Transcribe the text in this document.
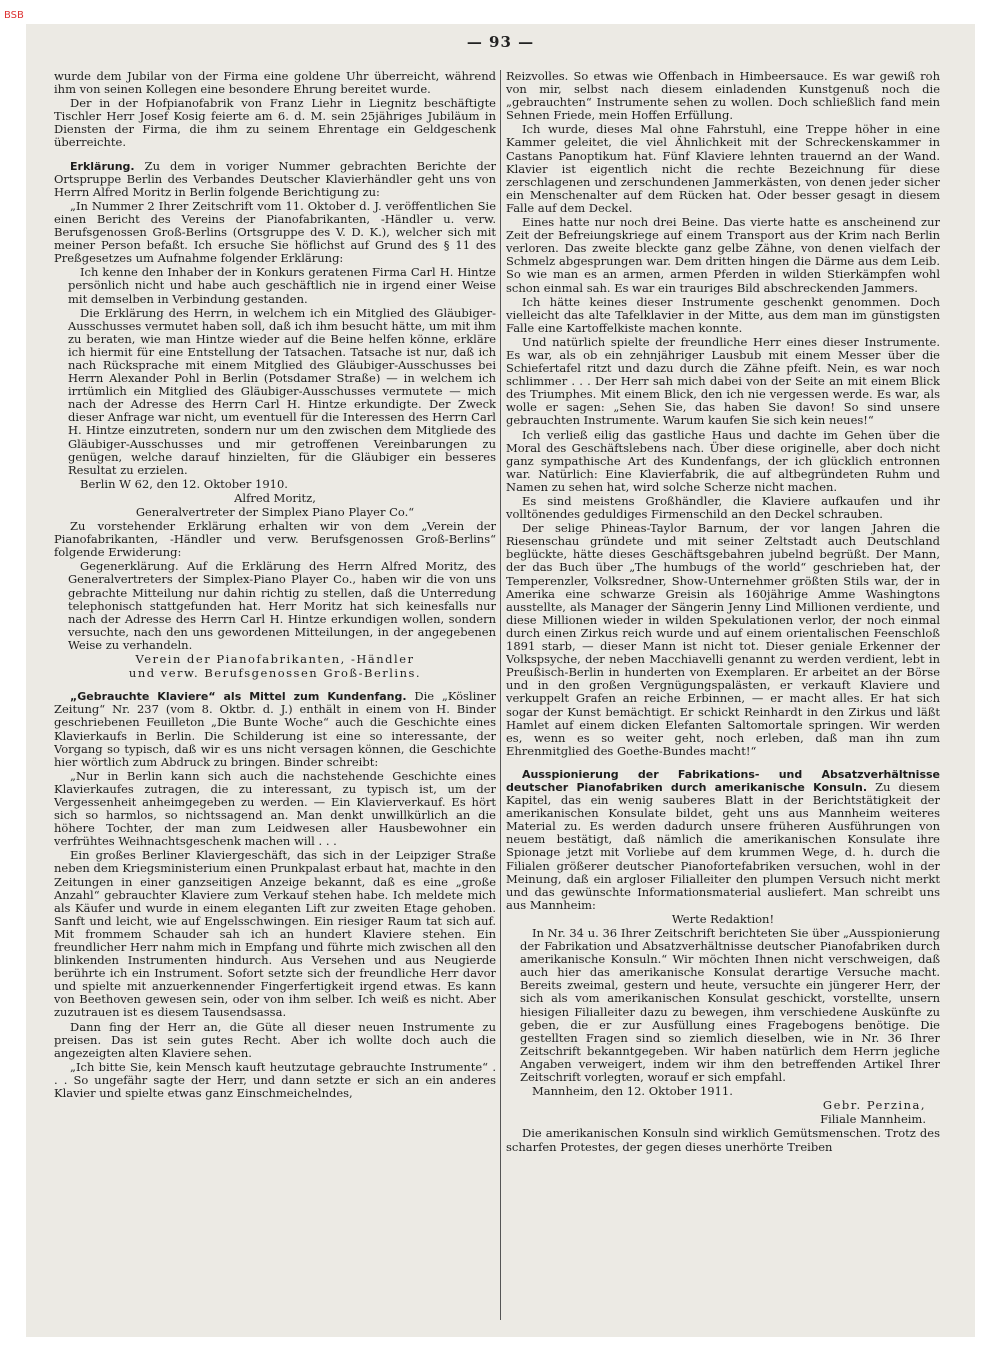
BSB
— 93 —

wurde dem Jubilar von der Firma eine goldene Uhr überreicht, während ihm von seinen Kollegen eine besondere Ehrung bereitet wurde.

Der in der Hofpianofabrik von Franz Liehr in Liegnitz beschäftigte Tischler Herr Josef Kosig feierte am 6. d. M. sein 25jähriges Jubiläum in Diensten der Firma, die ihm zu seinem Ehrentage ein Geldgeschenk überreichte.

Erklärung. Zu dem in voriger Nummer gebrachten Berichte der Ortspruppe Berlin des Verbandes Deutscher Klavierhändler geht uns von Herrn Alfred Moritz in Berlin folgende Berichtigung zu:

„In Nummer 2 Ihrer Zeitschrift vom 11. Oktober d. J. veröffentlichen Sie einen Bericht des Vereins der Pianofabrikanten, -Händler u. verw. Berufsgenossen Groß-Berlins (Ortsgruppe des V. D. K.), welcher sich mit meiner Person befaßt. Ich ersuche Sie höflichst auf Grund des § 11 des Preßgesetzes um Aufnahme folgender Erklärung:

Ich kenne den Inhaber der in Konkurs geratenen Firma Carl H. Hintze persönlich nicht und habe auch geschäftlich nie in irgend einer Weise mit demselben in Verbindung gestanden.

Die Erklärung des Herrn, in welchem ich ein Mitglied des Gläubiger-Ausschusses vermutet haben soll, daß ich ihm besucht hätte, um mit ihm zu beraten, wie man Hintze wieder auf die Beine helfen könne, erkläre ich hiermit für eine Entstellung der Tatsachen. Tatsache ist nur, daß ich nach Rücksprache mit einem Mitglied des Gläubiger-Ausschusses bei Herrn Alexander Pohl in Berlin (Potsdamer Straße) — in welchem ich irrtümlich ein Mitglied des Gläubiger-Ausschusses vermutete — mich nach der Adresse des Herrn Carl H. Hintze erkundigte. Der Zweck dieser Anfrage war nicht, um eventuell für die Interessen des Herrn Carl H. Hintze einzutreten, sondern nur um den zwischen dem Mitgliede des Gläubiger-Ausschusses und mir getroffenen Vereinbarungen zu genügen, welche darauf hinzielten, für die Gläubiger ein besseres Resultat zu erzielen.

Berlin W 62, den 12. Oktober 1910.

Alfred Moritz,

Generalvertreter der Simplex Piano Player Co.“

Zu vorstehender Erklärung erhalten wir von dem „Verein der Pianofabrikanten, -Händler und verw. Berufsgenossen Groß-Berlins“ folgende Erwiderung:

Gegenerklärung. Auf die Erklärung des Herrn Alfred Moritz, des Generalvertreters der Simplex-Piano Player Co., haben wir die von uns gebrachte Mitteilung nur dahin richtig zu stellen, daß die Unterredung telephonisch stattgefunden hat. Herr Moritz hat sich keinesfalls nur nach der Adresse des Herrn Carl H. Hintze erkundigen wollen, sondern versuchte, nach den uns gewordenen Mitteilungen, in der angegebenen Weise zu verhandeln.

Verein der Pianofabrikanten, -Händler

und verw. Berufsgenossen Groß-Berlins.

„Gebrauchte Klaviere“ als Mittel zum Kundenfang. Die „Kösliner Zeitung“ Nr. 237 (vom 8. Oktbr. d. J.) enthält in einem von H. Binder geschriebenen Feuilleton „Die Bunte Woche“ auch die Geschichte eines Klavierkaufs in Berlin. Die Schilderung ist eine so interessante, der Vorgang so typisch, daß wir es uns nicht versagen können, die Geschichte hier wörtlich zum Abdruck zu bringen. Binder schreibt:

„Nur in Berlin kann sich auch die nachstehende Geschichte eines Klavierkaufes zutragen, die zu interessant, zu typisch ist, um der Vergessenheit anheimgegeben zu werden. — Ein Klavierverkauf. Es hört sich so harmlos, so nichtssagend an. Man denkt unwillkürlich an die höhere Tochter, der man zum Leidwesen aller Hausbewohner ein verfrühtes Weihnachtsgeschenk machen will . . .

Ein großes Berliner Klaviergeschäft, das sich in der Leipziger Straße neben dem Kriegsministerium einen Prunkpalast erbaut hat, machte in den Zeitungen in einer ganzseitigen Anzeige bekannt, daß es eine „große Anzahl“ gebrauchter Klaviere zum Verkauf stehen habe. Ich meldete mich als Käufer und wurde in einem eleganten Lift zur zweiten Etage gehoben. Sanft und leicht, wie auf Engelsschwingen. Ein riesiger Raum tat sich auf. Mit frommem Schauder sah ich an hundert Klaviere stehen. Ein freundlicher Herr nahm mich in Empfang und führte mich zwischen all den blinkenden Instrumenten hindurch. Aus Versehen und aus Neugierde berührte ich ein Instrument. Sofort setzte sich der freundliche Herr davor und spielte mit anzuerkennender Fingerfertigkeit irgend etwas. Es kann von Beethoven gewesen sein, oder von ihm selber. Ich weiß es nicht. Aber zuzutrauen ist es diesem Tausendsassa.

Dann fing der Herr an, die Güte all dieser neuen Instrumente zu preisen. Das ist sein gutes Recht. Aber ich wollte doch auch die angezeigten alten Klaviere sehen.

„Ich bitte Sie, kein Mensch kauft heutzutage gebrauchte Instrumente“ . . . So ungefähr sagte der Herr, und dann setzte er sich an ein anderes Klavier und spielte etwas ganz Einschmeichelndes,

Reizvolles. So etwas wie Offenbach in Himbeersauce. Es war gewiß roh von mir, selbst nach diesem einladenden Kunstgenuß noch die „gebrauchten“ Instrumente sehen zu wollen. Doch schließlich fand mein Sehnen Friede, mein Hoffen Erfüllung.

Ich wurde, dieses Mal ohne Fahrstuhl, eine Treppe höher in eine Kammer geleitet, die viel Ähnlichkeit mit der Schreckenskammer in Castans Panoptikum hat. Fünf Klaviere lehnten trauernd an der Wand. Klavier ist eigentlich nicht die rechte Bezeichnung für diese zerschlagenen und zerschundenen Jammerkästen, von denen jeder sicher ein Menschenalter auf dem Rücken hat. Oder besser gesagt in diesem Falle auf dem Deckel.

Eines hatte nur noch drei Beine. Das vierte hatte es anscheinend zur Zeit der Befreiungskriege auf einem Transport aus der Krim nach Berlin verloren. Das zweite bleckte ganz gelbe Zähne, von denen vielfach der Schmelz abgesprungen war. Dem dritten hingen die Därme aus dem Leib. So wie man es an armen, armen Pferden in wilden Stierkämpfen wohl schon einmal sah. Es war ein trauriges Bild abschreckenden Jammers.

Ich hätte keines dieser Instrumente geschenkt genommen. Doch vielleicht das alte Tafelklavier in der Mitte, aus dem man im günstigsten Falle eine Kartoffelkiste machen konnte.

Und natürlich spielte der freundliche Herr eines dieser Instrumente. Es war, als ob ein zehnjähriger Lausbub mit einem Messer über die Schiefertafel ritzt und dazu durch die Zähne pfeift. Nein, es war noch schlimmer . . . Der Herr sah mich dabei von der Seite an mit einem Blick des Triumphes. Mit einem Blick, den ich nie vergessen werde. Es war, als wolle er sagen: „Sehen Sie, das haben Sie davon! So sind unsere gebrauchten Instrumente. Warum kaufen Sie sich kein neues!“

Ich verließ eilig das gastliche Haus und dachte im Gehen über die Moral des Geschäftslebens nach. Über diese originelle, aber doch nicht ganz sympathische Art des Kundenfangs, der ich glücklich entronnen war. Natürlich: Eine Klavierfabrik, die auf altbegründeten Ruhm und Namen zu sehen hat, wird solche Scherze nicht machen.

Es sind meistens Großhändler, die Klaviere aufkaufen und ihr volltönendes geduldiges Firmenschild an den Deckel schrauben.

Der selige Phineas-Taylor Barnum, der vor langen Jahren die Riesenschau gründete und mit seiner Zeltstadt auch Deutschland beglückte, hätte dieses Geschäftsgebahren jubelnd begrüßt. Der Mann, der das Buch über „The humbugs of the world“ geschrieben hat, der Temperenzler, Volksredner, Show-Unternehmer größten Stils war, der in Amerika eine schwarze Greisin als 160jährige Amme Washingtons ausstellte, als Manager der Sängerin Jenny Lind Millionen verdiente, und diese Millionen wieder in wilden Spekulationen verlor, der noch einmal durch einen Zirkus reich wurde und auf einem orientalischen Feenschloß 1891 starb, — dieser Mann ist nicht tot. Dieser geniale Erkenner der Volkspsyche, der neben Macchiavelli genannt zu werden verdient, lebt in Preußisch-Berlin in hunderten von Exemplaren. Er arbeitet an der Börse und in den großen Vergnügungspalästen, er verkauft Klaviere und verkuppelt Grafen an reiche Erbinnen, — er macht alles. Er hat sich sogar der Kunst bemächtigt. Er schickt Reinhardt in den Zirkus und läßt Hamlet auf einem dicken Elefanten Saltomortale springen. Wir werden es, wenn es so weiter geht, noch erleben, daß man ihn zum Ehrenmitglied des Goethe-Bundes macht!“

Ausspionierung der Fabrikations- und Absatzverhältnisse deutscher Pianofabriken durch amerikanische Konsuln. Zu diesem Kapitel, das ein wenig sauberes Blatt in der Berichtstätigkeit der amerikanischen Konsulate bildet, geht uns aus Mannheim weiteres Material zu. Es werden dadurch unsere früheren Ausführungen von neuem bestätigt, daß nämlich die amerikanischen Konsulate ihre Spionage jetzt mit Vorliebe auf dem krummen Wege, d. h. durch die Filialen größerer deutscher Pianofortefabriken versuchen, wohl in der Meinung, daß ein argloser Filialleiter den plumpen Versuch nicht merkt und das gewünschte Informationsmaterial ausliefert. Man schreibt uns aus Mannheim:

Werte Redaktion!

In Nr. 34 u. 36 Ihrer Zeitschrift berichteten Sie über „Ausspionierung der Fabrikation und Absatzverhältnisse deutscher Pianofabriken durch amerikanische Konsuln.“ Wir möchten Ihnen nicht verschweigen, daß auch hier das amerikanische Konsulat derartige Versuche macht. Bereits zweimal, gestern und heute, versuchte ein jüngerer Herr, der sich als vom amerikanischen Konsulat geschickt, vorstellte, unsern hiesigen Filialleiter dazu zu bewegen, ihm verschiedene Auskünfte zu geben, die er zur Ausfüllung eines Fragebogens benötige. Die gestellten Fragen sind so ziemlich dieselben, wie in Nr. 36 Ihrer Zeitschrift bekanntgegeben. Wir haben natürlich dem Herrn jegliche Angaben verweigert, indem wir ihm den betreffenden Artikel Ihrer Zeitschrift vorlegten, worauf er sich empfahl.

Mannheim, den 12. Oktober 1911.

Gebr. Perzina,

Filiale Mannheim.

Die amerikanischen Konsuln sind wirklich Gemütsmenschen. Trotz des scharfen Protestes, der gegen dieses unerhörte Treiben
